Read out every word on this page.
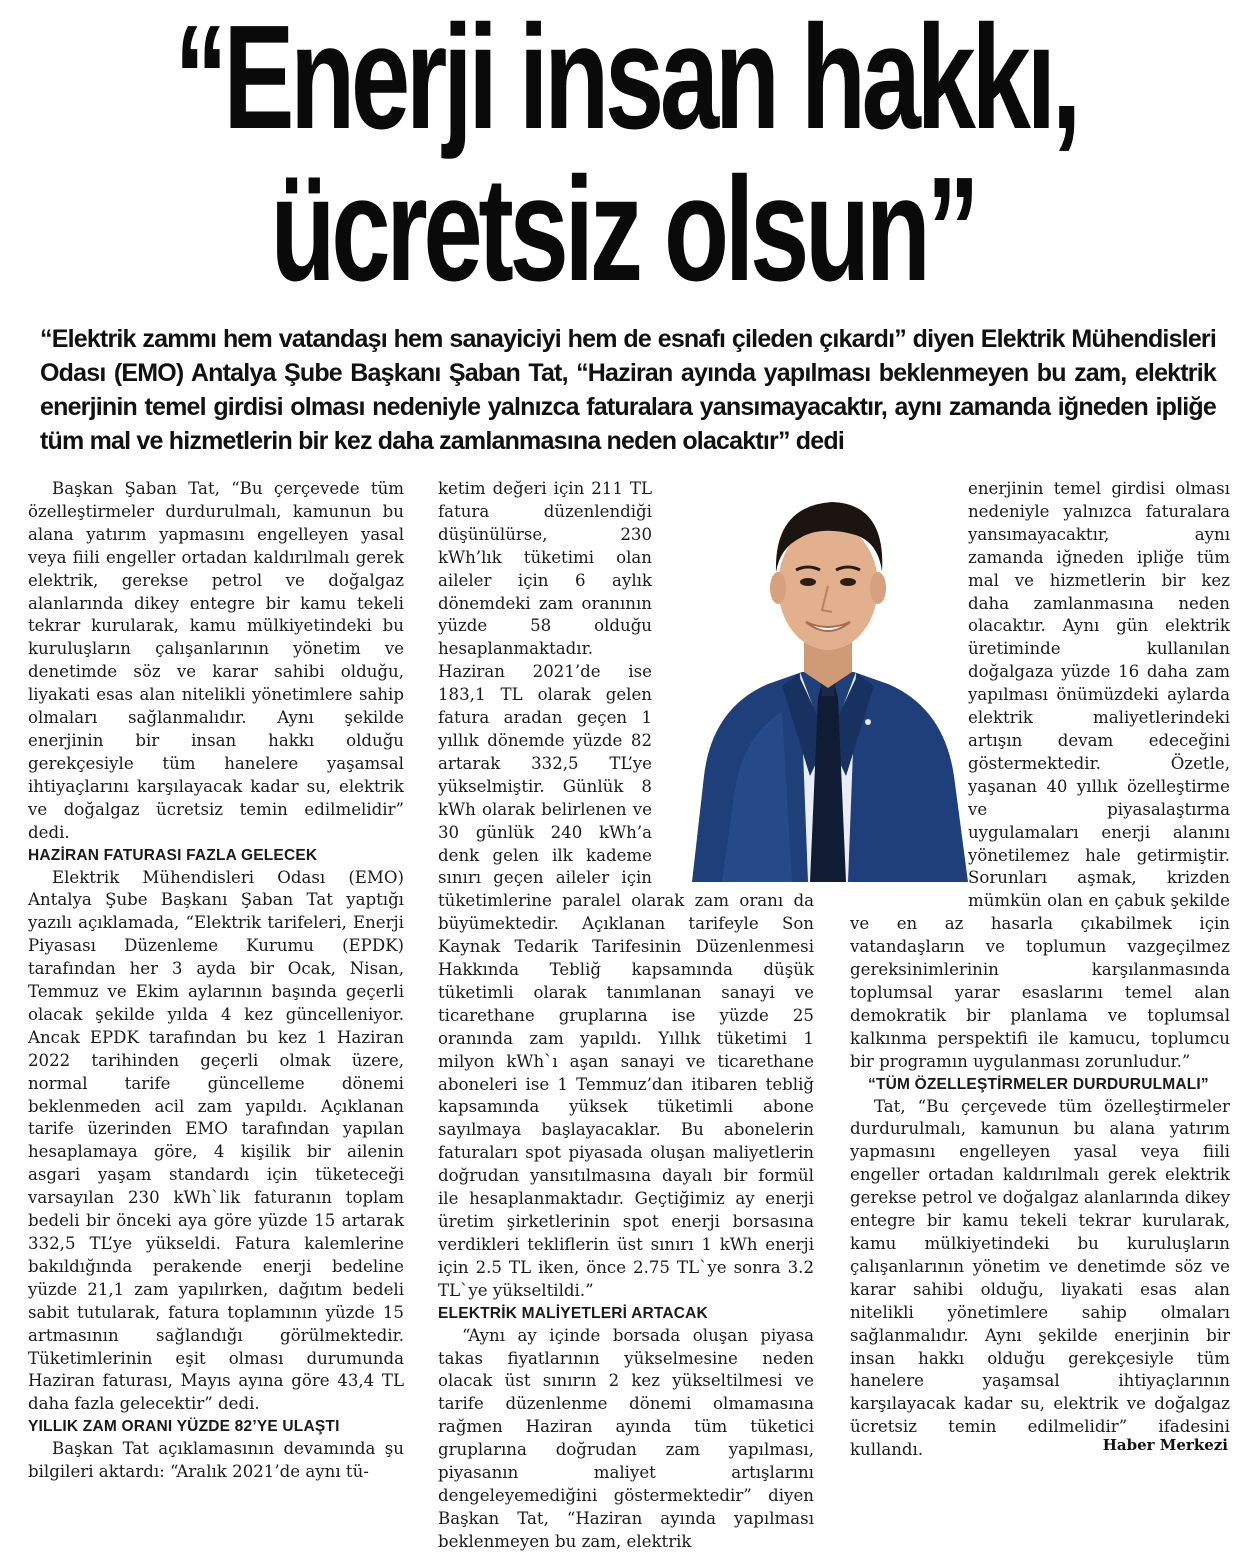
“Enerji insan hakkı,
ücretsiz olsun”

“Elektrik zammı hem vatandaşı hem sanayiciyi hem de esnafı çileden çıkardı” diyen Elektrik Mühendisleri Odası (EMO) Antalya Şube Başkanı Şaban Tat, “Haziran ayında yapılması beklenmeyen bu zam, elektrik enerjinin temel girdisi olması nedeniyle yalnızca faturalara yansımayacaktır, aynı zamanda iğneden ipliğe tüm mal ve hizmetlerin bir kez daha zamlanmasına neden olacaktır” dedi

Başkan Şaban Tat, “Bu çerçevede tüm özelleştirmeler durdurulmalı, kamunun bu alana yatırım yapmasını engelleyen yasal veya fiili engeller ortadan kaldırılmalı gerek elektrik, gerekse petrol ve doğalgaz alanlarında dikey entegre bir kamu tekeli tekrar kurularak, kamu mülkiyetindeki bu kuruluşların çalışanlarının yönetim ve denetimde söz ve karar sahibi olduğu, liyakati esas alan nitelikli yönetimlere sahip olmaları sağlanmalıdır. Aynı şekilde enerjinin bir insan hakkı olduğu gerekçesiyle tüm hanelere yaşamsal ihtiyaçlarını karşılayacak kadar su, elektrik ve doğalgaz ücretsiz temin edilmelidir” dedi.

HAZİRAN FATURASI FAZLA GELECEK

Elektrik Mühendisleri Odası (EMO) Antalya Şube Başkanı Şaban Tat yaptığı yazılı açıklamada, “Elektrik tarifeleri, Enerji Piyasası Düzenleme Kurumu (EPDK) tarafından her 3 ayda bir Ocak, Nisan, Temmuz ve Ekim aylarının başında geçerli olacak şekilde yılda 4 kez güncelleniyor. Ancak EPDK tarafından bu kez 1 Haziran 2022 tarihinden geçerli olmak üzere, normal tarife güncelleme dönemi beklenmeden acil zam yapıldı. Açıklanan tarife üzerinden EMO tarafından yapılan hesaplamaya göre, 4 kişilik bir ailenin asgari yaşam standardı için tüketeceği varsayılan 230 kWh`lik faturanın toplam bedeli bir önceki aya göre yüzde 15 artarak 332,5 TL’ye yükseldi. Fatura kalemlerine bakıldığında perakende enerji bedeline yüzde 21,1 zam yapılırken, dağıtım bedeli sabit tutularak, fatura toplamının yüzde 15 artmasının sağlandığı görülmektedir. Tüketimlerinin eşit olması durumunda Haziran faturası, Mayıs ayına göre 43,4 TL daha fazla gelecektir” dedi.

YILLIK ZAM ORANI YÜZDE 82’YE ULAŞTI

Başkan Tat açıklamasının devamında şu bilgileri aktardı: “Aralık 2021’de aynı tü-

ketim değeri için 211 TL fatura düzenlendiği düşünülürse, 230 kWh’lık tüketimi olan aileler için 6 aylık dönemdeki zam oranının yüzde 58 olduğu hesaplanmaktadır. Haziran 2021’de ise 183,1 TL olarak gelen fatura aradan geçen 1 yıllık dönemde yüzde 82 artarak 332,5 TL’ye yükselmiştir. Günlük 8 kWh olarak belirlenen ve 30 günlük 240 kWh’a denk gelen ilk kademe sınırı geçen aileler için tüketimlerine paralel olarak zam oranı da büyümektedir. Açıklanan tarifeyle Son Kaynak Tedarik Tarifesinin Düzenlenmesi Hakkında Tebliğ kapsamında düşük tüketimli olarak tanımlanan sanayi ve ticarethane gruplarına ise yüzde 25 oranında zam yapıldı. Yıllık tüketimi 1 milyon kWh`ı aşan sanayi ve ticarethane aboneleri ise 1 Temmuz’dan itibaren tebliğ kapsamında yüksek tüketimli abone sayılmaya başlayacaklar. Bu abonelerin faturaları spot piyasada oluşan maliyetlerin doğrudan yansıtılmasına dayalı bir formül ile hesaplanmaktadır. Geçtiğimiz ay enerji üretim şirketlerinin spot enerji borsasına verdikleri tekliflerin üst sınırı 1 kWh enerji için 2.5 TL iken, önce 2.75 TL`ye sonra 3.2 TL`ye yükseltildi.”

ELEKTRİK MALİYETLERİ ARTACAK

“Aynı ay içinde borsada oluşan piyasa takas fiyatlarının yükselmesine neden olacak üst sınırın 2 kez yükseltilmesi ve tarife düzenlenme dönemi olmamasına rağmen Haziran ayında tüm tüketici gruplarına doğrudan zam yapılması, piyasanın maliyet artışlarını dengeleyemediğini göstermektedir” diyen Başkan Tat, “Haziran ayında yapılması beklenmeyen bu zam, elektrik

enerjinin temel girdisi olması nedeniyle yalnızca faturalara yansımayacaktır, aynı zamanda iğneden ipliğe tüm mal ve hizmetlerin bir kez daha zamlanmasına neden olacaktır. Aynı gün elektrik üretiminde kullanılan doğalgaza yüzde 16 daha zam yapılması önümüzdeki aylarda elektrik maliyetlerindeki artışın devam edeceğini göstermektedir. Özetle, yaşanan 40 yıllık özelleştirme ve piyasalaştırma uygulamaları enerji alanını yönetilemez hale getirmiştir. Sorunları aşmak, krizden mümkün olan en çabuk şekilde ve en az hasarla çıkabilmek için vatandaşların ve toplumun vazgeçilmez gereksinimlerinin karşılanmasında toplumsal yarar esaslarını temel alan demokratik bir planlama ve toplumsal kalkınma perspektifi ile kamucu, toplumcu bir programın uygulanması zorunludur.”

“TÜM ÖZELLEŞTİRMELER DURDURULMALI”

Tat, “Bu çerçevede tüm özelleştirmeler durdurulmalı, kamunun bu alana yatırım yapmasını engelleyen yasal veya fiili engeller ortadan kaldırılmalı gerek elektrik gerekse petrol ve doğalgaz alanlarında dikey entegre bir kamu tekeli tekrar kurularak, kamu mülkiyetindeki bu kuruluşların çalışanlarının yönetim ve denetimde söz ve karar sahibi olduğu, liyakati esas alan nitelikli yönetimlere sahip olmaları sağlanmalıdır. Aynı şekilde enerjinin bir insan hakkı olduğu gerekçesiyle tüm hanelere yaşamsal ihtiyaçlarının karşılayacak kadar su, elektrik ve doğalgaz ücretsiz temin edilmelidir” ifadesini kullandı.	Haber Merkezi
